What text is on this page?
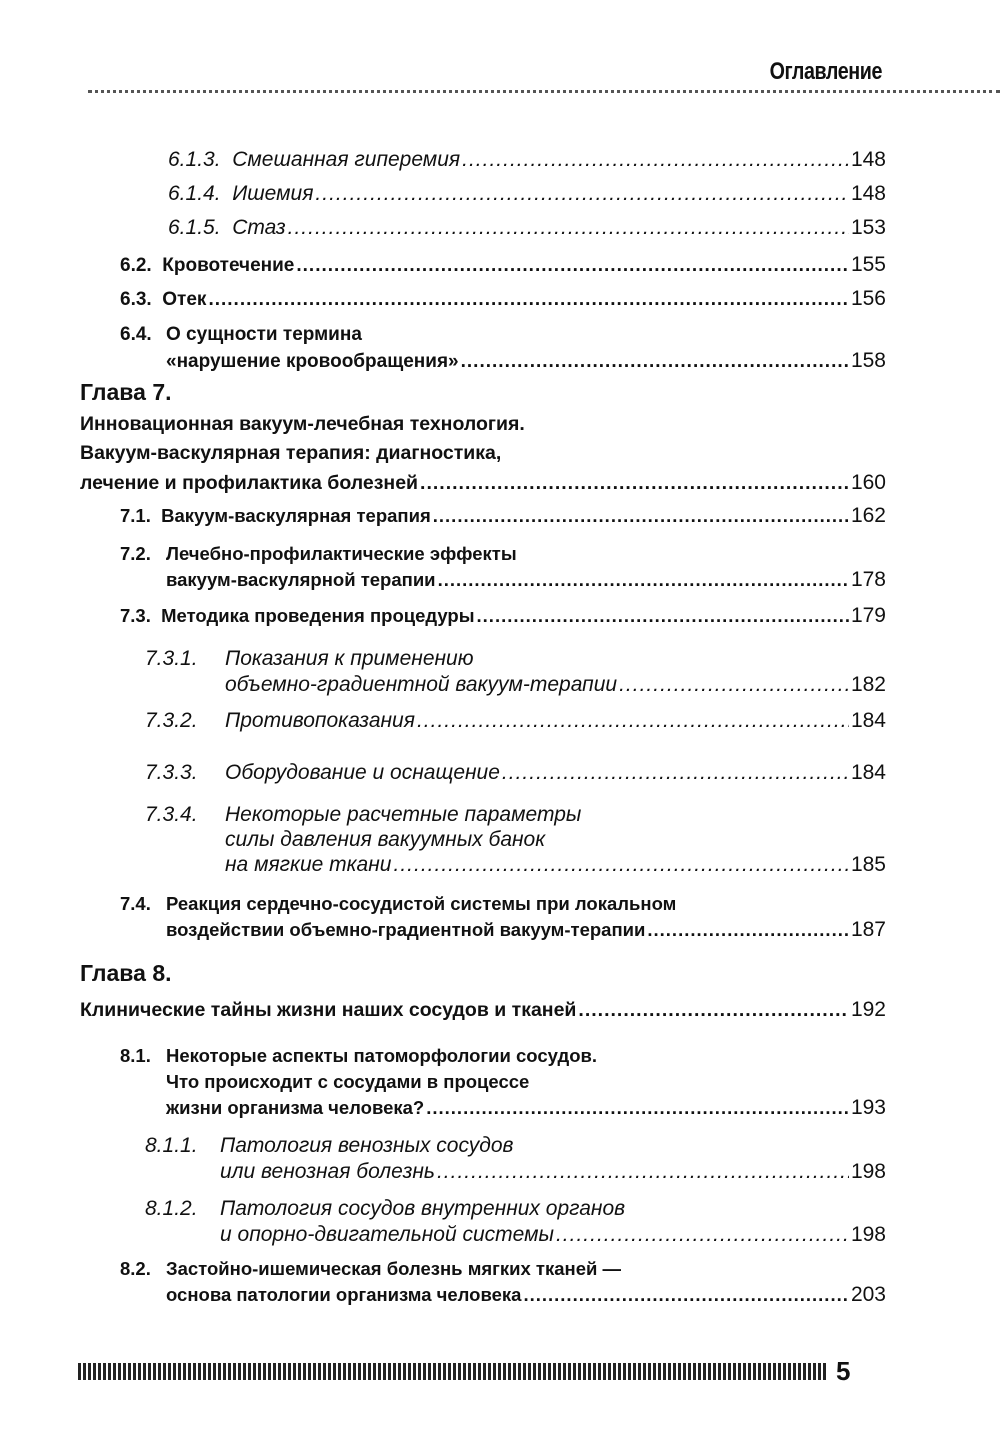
Оглавление
6.1.3. Смешанная гиперемия .....	148
6.1.4. Ишемия .....	148
6.1.5. Стаз .....	153
6.2. Кровотечение .....	155
6.3. Отек .....	156
6.4. О сущности термина
«нарушение кровообращения» .....	158
Глава 7.
Инновационная вакуум-лечебная технология.
Вакуум-васкулярная терапия: диагностика,
лечение и профилактика болезней .....	160
7.1. Вакуум-васкулярная терапия .....	162
7.2. Лечебно-профилактические эффекты
вакуум-васкулярной терапии .....	178
7.3. Методика проведения процедуры .....	179
7.3.1. Показания к применению
объемно-градиентной вакуум-терапии .....	182
7.3.2. Противопоказания .....	184
7.3.3. Оборудование и оснащение .....	184
7.3.4. Некоторые расчетные параметры
силы давления вакуумных банок
на мягкие ткани .....	185
7.4. Реакция сердечно-сосудистой системы при локальном
воздействии объемно-градиентной вакуум-терапии .....	187
Глава 8.
Клинические тайны жизни наших сосудов и тканей .....	192
8.1. Некоторые аспекты патоморфологии сосудов.
Что происходит с сосудами в процессе
жизни организма человека? .....	193
8.1.1. Патология венозных сосудов
или венозная болезнь .....	198
8.1.2. Патология сосудов внутренних органов
и опорно-двигательной системы .....	198
8.2. Застойно-ишемическая болезнь мягких тканей —
основа патологии организма человека .....	203
5
